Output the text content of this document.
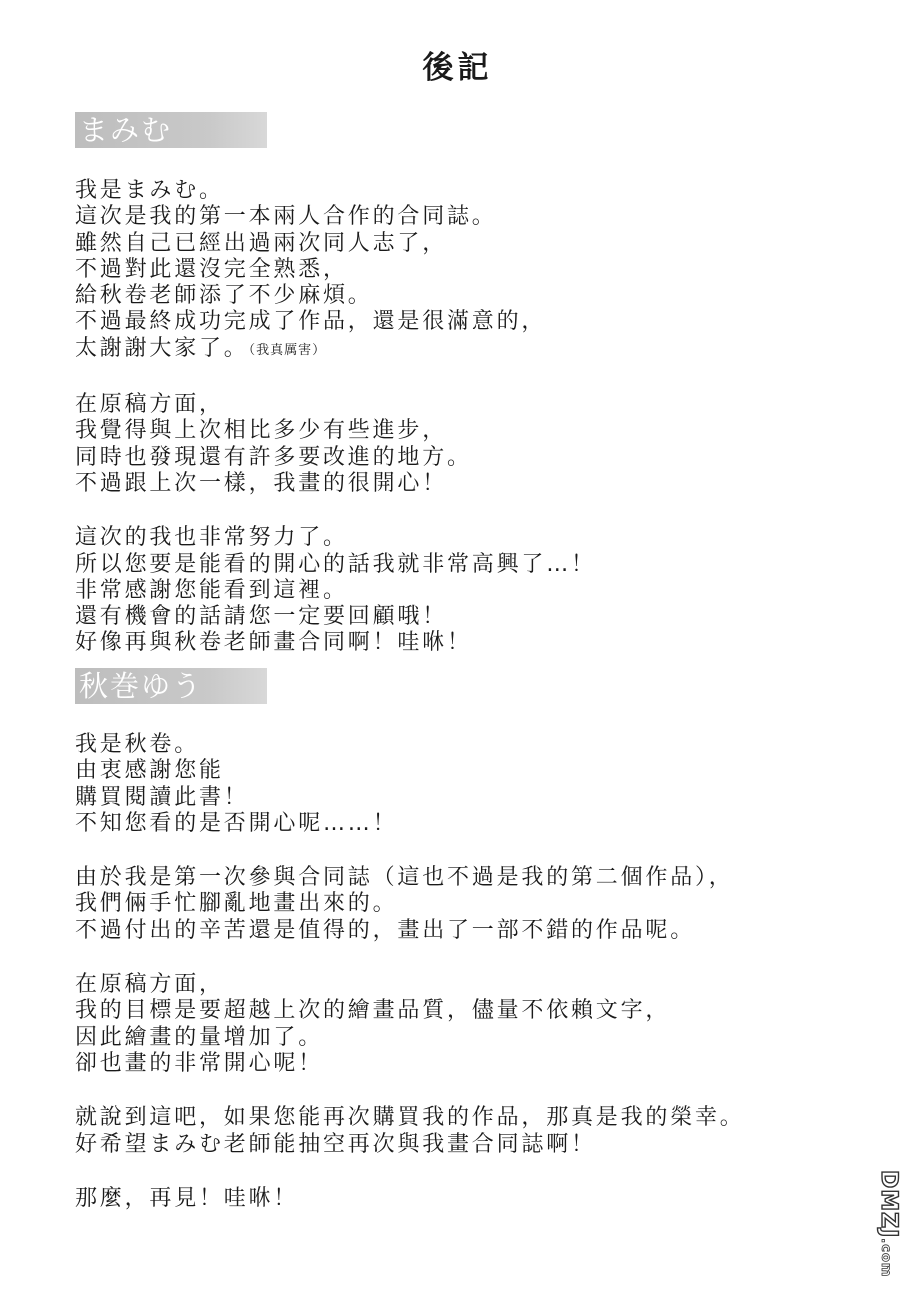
後記
まみむ
我是まみむ。
這次是我的第一本兩人合作的合同誌。
雖然自己已經出過兩次同人志了，
不過對此還沒完全熟悉，
給秋卷老師添了不少麻煩。
不過最終成功完成了作品，還是很滿意的，
太謝謝大家了。（我真厲害）
在原稿方面，
我覺得與上次相比多少有些進步，
同時也發現還有許多要改進的地方。
不過跟上次一樣，我畫的很開心！
這次的我也非常努力了。
所以您要是能看的開心的話我就非常高興了…！
非常感謝您能看到這裡。
還有機會的話請您一定要回顧哦！
好像再與秋卷老師畫合同啊！哇咻！
秋巻ゆう
我是秋卷。
由衷感謝您能
購買閱讀此書！
不知您看的是否開心呢……！
由於我是第一次參與合同誌（這也不過是我的第二個作品），
我們倆手忙腳亂地畫出來的。
不過付出的辛苦還是值得的，畫出了一部不錯的作品呢。
在原稿方面，
我的目標是要超越上次的繪畫品質，儘量不依賴文字，
因此繪畫的量增加了。
卻也畫的非常開心呢！
就說到這吧，如果您能再次購買我的作品，那真是我的榮幸。
好希望まみむ老師能抽空再次與我畫合同誌啊！
那麼，再見！哇咻！	DMZJ.com
